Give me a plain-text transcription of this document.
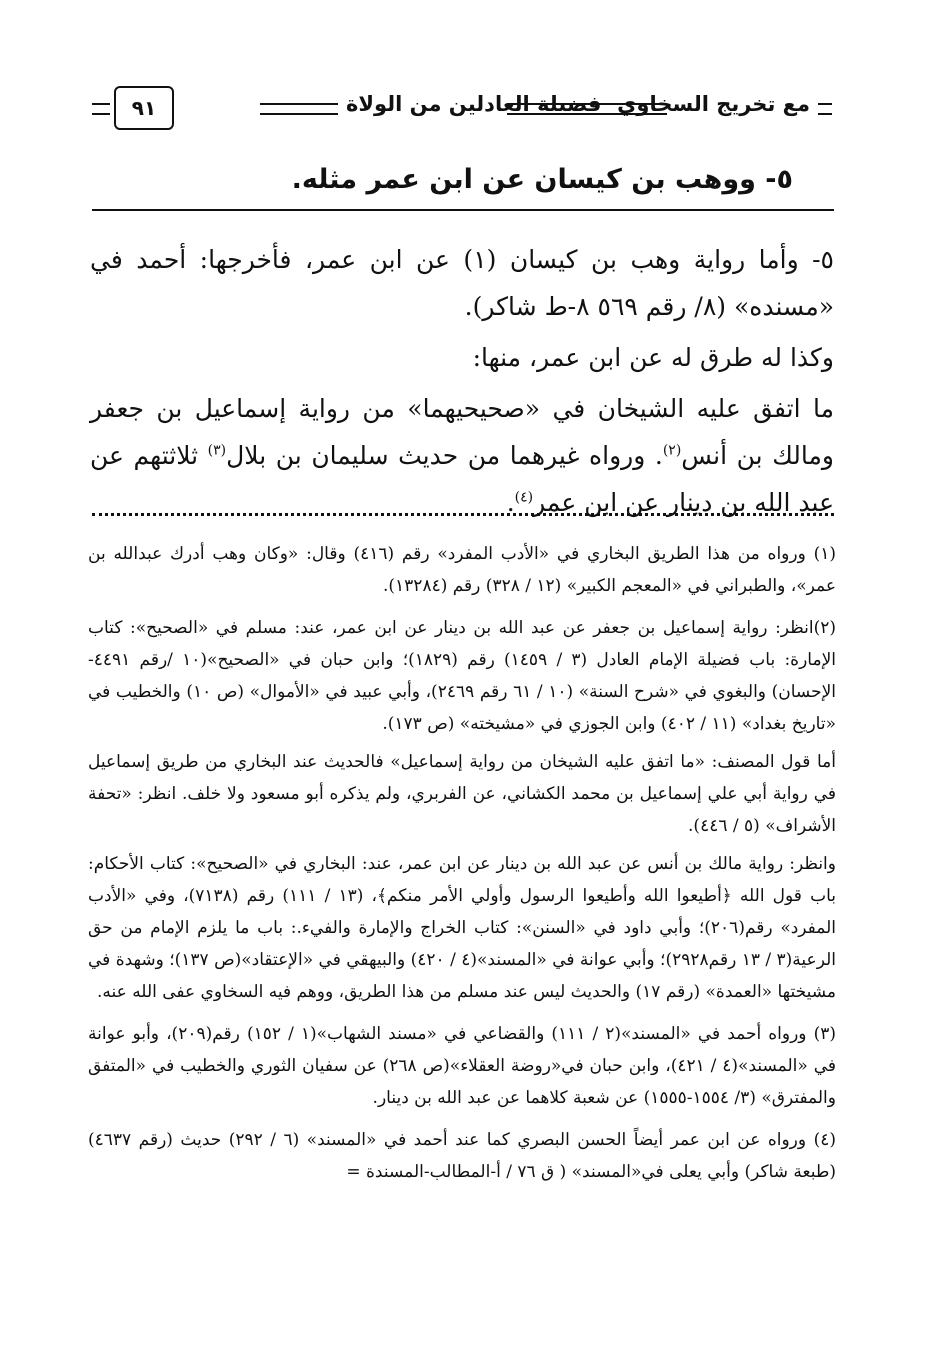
مع تخريج السخاوي
فضيلة العادلين من الولاة
٩١
٥- ووهب بن كيسان عن ابن عمر مثله.

٥- وأما رواية وهب بن كيسان (١) عن ابن عمر، فأخرجها: أحمد في «مسنده» (٨/ رقم ٥٦٩ ٨-ط شاكر).

وكذا له طرق له عن ابن عمر، منها:

ما اتفق عليه الشيخان في «صحيحيهما» من رواية إسماعيل بن جعفر ومالك بن أنس$^{(٢)}$. ورواه غيرهما من حديث سليمان بن بلال$^{(٣)}$ ثلاثتهم عن عبد الله بن دينار عن ابن عمر$^{(٤)}$.

(١) ورواه من هذا الطريق البخاري في «الأدب المفرد» رقم (٤١٦) وقال: «وكان وهب أدرك عبدالله بن عمر»، والطبراني في «المعجم الكبير» (١٢ / ٣٢٨) رقم (١٣٢٨٤).

(٢)انظر: رواية إسماعيل بن جعفر عن عبد الله بن دينار عن ابن عمر، عند: مسلم في «الصحيح»: كتاب الإمارة: باب فضيلة الإمام العادل (٣ / ١٤٥٩) رقم (١٨٢٩)؛ وابن حبان في «الصحيح»(١٠ /رقم ٤٤٩١-الإحسان) والبغوي في «شرح السنة» (١٠ / ٦١ رقم ٢٤٦٩)، وأبي عبيد في «الأموال» (ص ١٠) والخطيب في «تاريخ بغداد» (١١ / ٤٠٢) وابن الجوزي في «مشيخته» (ص ١٧٣).

أما قول المصنف: «ما اتفق عليه الشيخان من رواية إسماعيل» فالحديث عند البخاري من طريق إسماعيل في رواية أبي علي إسماعيل بن محمد الكشاني، عن الفربري، ولم يذكره أبو مسعود ولا خلف. انظر: «تحفة الأشراف» (٥ / ٤٤٦).

وانظر: رواية مالك بن أنس عن عبد الله بن دينار عن ابن عمر، عند: البخاري في «الصحيح»: كتاب الأحكام: باب قول الله ﴿أطيعوا الله وأطيعوا الرسول وأولي الأمر منكم﴾، (١٣ / ١١١) رقم (٧١٣٨)، وفي «الأدب المفرد» رقم(٢٠٦)؛ وأبي داود في «السنن»: كتاب الخراج والإمارة والفيء.: باب ما يلزم الإمام من حق الرعية(٣ / ١٣ رقم٢٩٢٨)؛ وأبي عوانة في «المسند»(٤ / ٤٢٠) والبيهقي في «الإعتقاد»(ص ١٣٧)؛ وشهدة في مشيختها «العمدة» (رقم ١٧) والحديث ليس عند مسلم من هذا الطريق، ووهم فيه السخاوي عفى الله عنه.

(٣) ورواه أحمد في «المسند»(٢ / ١١١) والقضاعي في «مسند الشهاب»(١ / ١٥٢) رقم(٢٠٩)، وأبو عوانة في «المسند»(٤ / ٤٢١)، وابن حبان في«روضة العقلاء»(ص ٢٦٨) عن سفيان الثوري والخطيب في «المتفق والمفترق» (٣/ ١٥٥٤-١٥٥٥) عن شعبة كلاهما عن عبد الله بن دينار.

(٤) ورواه عن ابن عمر أيضاً الحسن البصري كما عند أحمد في «المسند» (٦ / ٢٩٢) حديث (رقم ٤٦٣٧) (طبعة شاكر) وأبي يعلى في«المسند» ( ق ٧٦ / أ-المطالب-المسندة =
